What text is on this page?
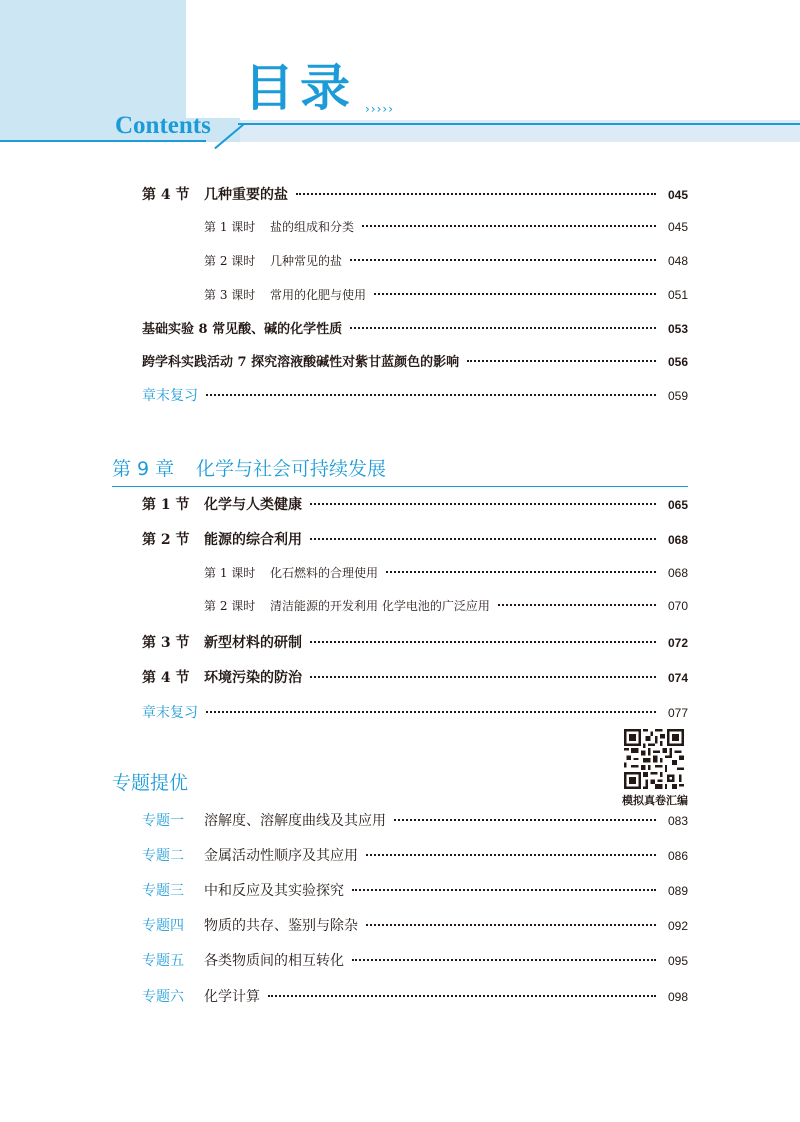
目录 ›››››
Contents
第 4 节 几种重要的盐	045
第 1 课时 盐的组成和分类	045
第 2 课时 几种常见的盐	048
第 3 课时 常用的化肥与使用	051
基础实验 8 常见酸、碱的化学性质	053
跨学科实践活动 7 探究溶液酸碱性对紫甘蓝颜色的影响	056
章末复习	059
第 9 章 化学与社会可持续发展
第 1 节 化学与人类健康	065
第 2 节 能源的综合利用	068
第 1 课时 化石燃料的合理使用	068
第 2 课时 清洁能源的开发利用 化学电池的广泛应用	070
第 3 节 新型材料的研制	072
第 4 节 环境污染的防治	074
章末复习	077
模拟真卷汇编
专题提优
专题一 溶解度、溶解度曲线及其应用	083
专题二 金属活动性顺序及其应用	086
专题三 中和反应及其实验探究	089
专题四 物质的共存、鉴别与除杂	092
专题五 各类物质间的相互转化	095
专题六 化学计算	098
